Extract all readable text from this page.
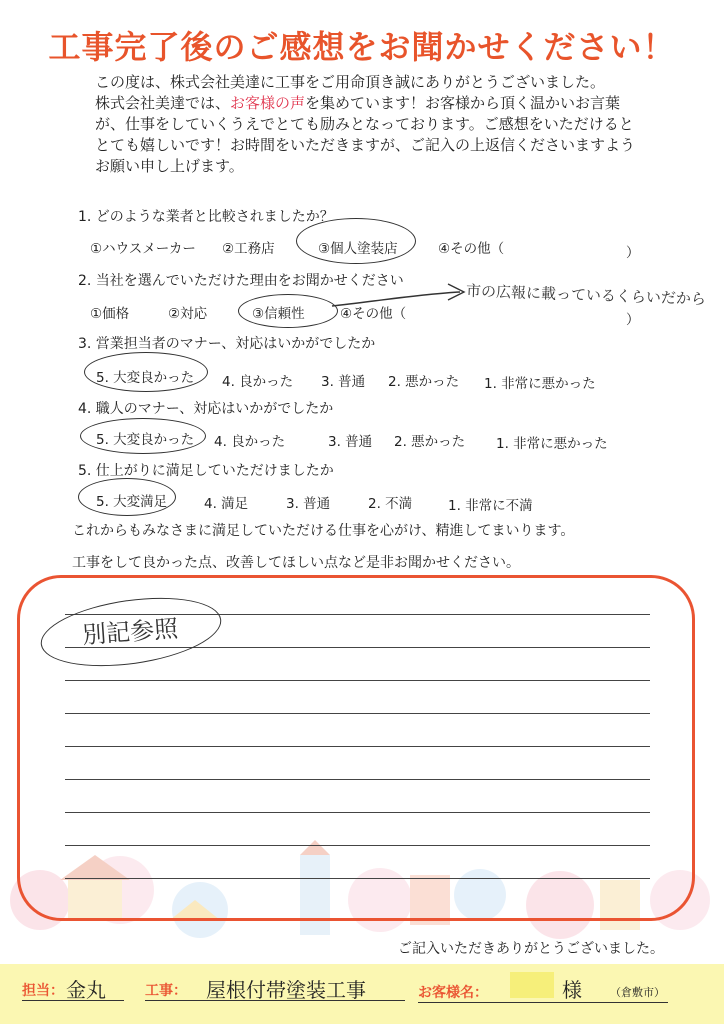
工事完了後のご感想をお聞かせください！
この度は、株式会社美達に工事をご用命頂き誠にありがとうございました。
株式会社美達では、お客様の声を集めています！お客様から頂く温かいお言葉
が、仕事をしていくうえでとても励みとなっております。ご感想をいただけると
とても嬉しいです！お時間をいただきますが、ご記入の上返信くださいますよう
お願い申し上げます。
1. どのような業者と比較されましたか？
①ハウスメーカー ②工務店	③個人塗装店	④その他（	）
2. 当社を選んでいただけた理由をお聞かせください
①価格	②対応	③信頼性	④その他（	）
市の広報に載っているくらいだから
3. 営業担当者のマナー、対応はいかがでしたか
5. 大変良かった 4. 良かった 3. 普通 2. 悪かった 1. 非常に悪かった
4. 職人のマナー、対応はいかがでしたか
5. 大変良かった 4. 良かった	3. 普通 2. 悪かった 1. 非常に悪かった
5. 仕上がりに満足していただけましたか
5. 大変満足	4. 満足	3. 普通	2. 不満	1. 非常に不満
これからもみなさまに満足していただける仕事を心がけ、精進してまいります。
工事をして良かった点、改善してほしい点など是非お聞かせください。
別記参照
ご記入いただきありがとうございました。
担当： 金丸	工事： 屋根付帯塗装工事	お客様名：	様	（倉敷市）
